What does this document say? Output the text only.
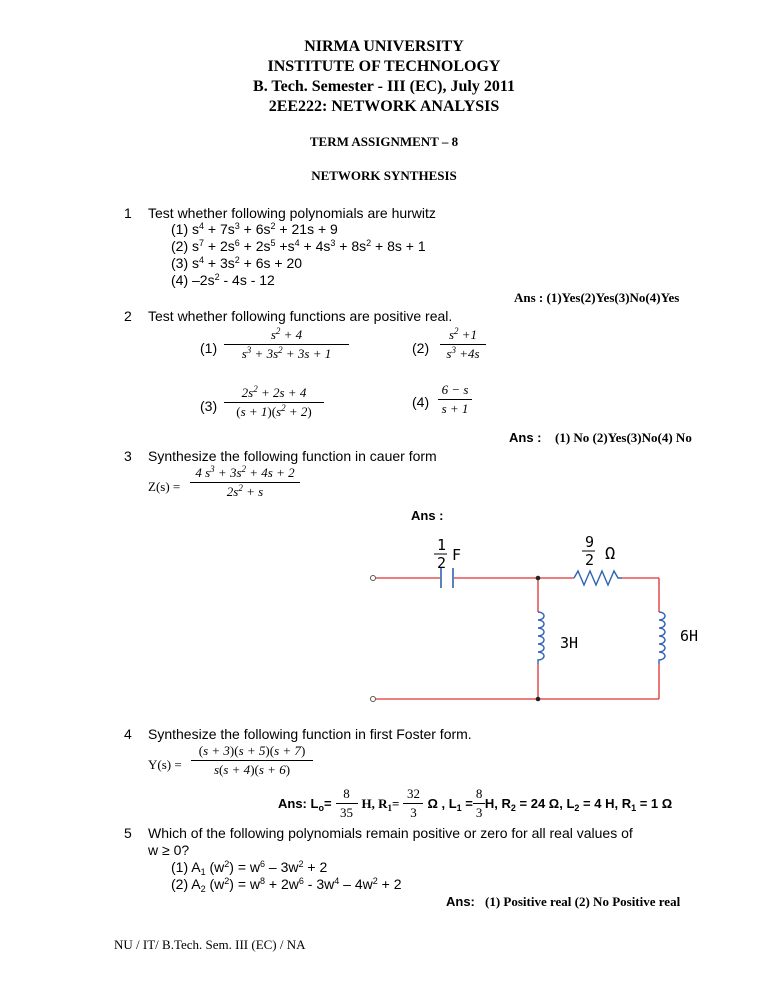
NIRMA UNIVERSITY
INSTITUTE OF TECHNOLOGY
B. Tech. Semester - III (EC), July 2011
2EE222: NETWORK ANALYSIS
TERM ASSIGNMENT – 8
NETWORK SYNTHESIS
1 Test whether following polynomials are hurwitz
(1) $s^4 + 7s^3 + 6s^2 + 21s + 9$
(2) $s^7 + 2s^6 + 2s^5 +s^4 + 4s^3 + 8s^2 + 8s + 1$
(3) $s^4 + 3s^2 + 6s + 20$
(4) $-2s^2 - 4s - 12$
Ans : (1)Yes(2)Yes(3)No(4)Yes
2 Test whether following functions are positive real.
$(1) \frac{s^2 + 4}{s^3 + 3s^2 + 3s + 1}$	$(2) \frac{s^2 +1}{s^3 +4s}$
$(3) \frac{2s^2 + 2s + 4}{(s + 1)(s^2 + 2)}$	$(4) \frac{6 - s}{s + 1}$
Ans : (1) No (2)Yes(3)No(4) No
3 Synthesize the following function in cauer form
$Z(s) = \frac{4 s^3 + 3s^2 + 4s + 2}{2s^2 + s}$
Ans :
1
2 F
9
2 Ω
3H	6H
4 Synthesize the following function in first Foster form.
$Y(s) = \frac{(s + 3)(s + 5)(s + 7)}{s(s + 4)(s + 6)}$
Ans: $L_o= \frac{8}{35} H$, $R_1= \frac{32}{3}$ Ω , $L_1 = \frac{8}{3} H$, $R_2 = 24$ Ω, $L_2 = 4$ H, $R_1 = 1$ Ω
5 Which of the following polynomials remain positive or zero for all real values of
w ≥ 0?
(1) $A_1$ $(w^2) = w^6 - 3w^2 + 2$
(2) $A_2$ $(w^2) = w^8 + 2w^6 - 3w^4 - 4w^2 + 2$
Ans: (1) Positive real (2) No Positive real
NU / IT/ B.Tech. Sem. III (EC) / NA
